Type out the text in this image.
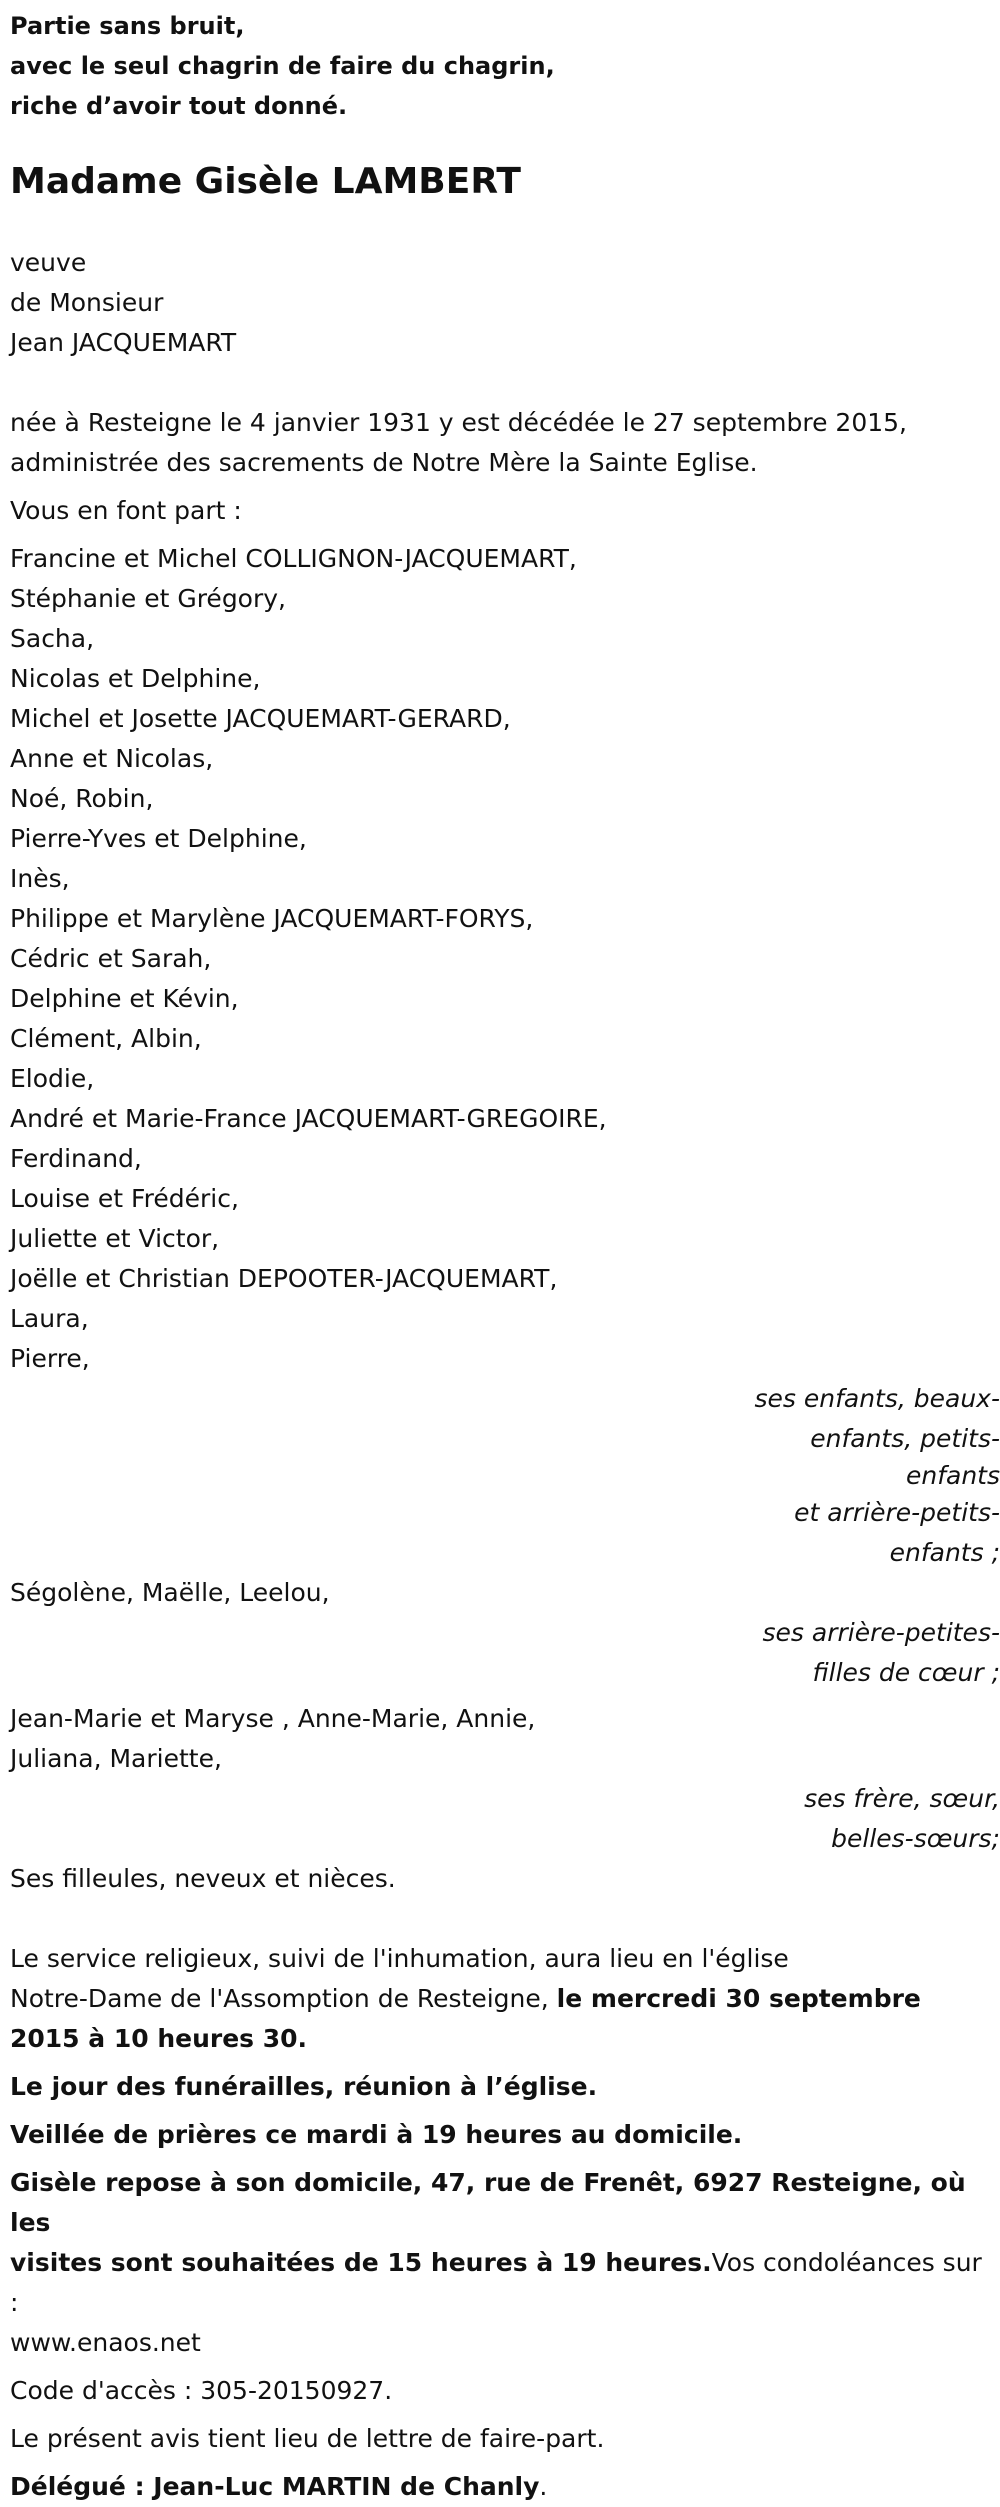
Partie sans bruit,

avec le seul chagrin de faire du chagrin,

riche d’avoir tout donné.

Madame Gisèle LAMBERT

veuve

de Monsieur

Jean JACQUEMART

née à Resteigne le 4 janvier 1931 y est décédée le 27 septembre 2015,

administrée des sacrements de Notre Mère la Sainte Eglise.

Vous en font part :

Francine et Michel COLLIGNON-JACQUEMART,

Stéphanie et Grégory,

Sacha,

Nicolas et Delphine,

Michel et Josette JACQUEMART-GERARD,

Anne et Nicolas,

Noé, Robin,

Pierre-Yves et Delphine,

Inès,

Philippe et Marylène JACQUEMART-FORYS,

Cédric et Sarah,

Delphine et Kévin,

Clément, Albin,

Elodie,

André et Marie-France JACQUEMART-GREGOIRE,

Ferdinand,

Louise et Frédéric,

Juliette et Victor,

Joëlle et Christian DEPOOTER-JACQUEMART,

Laura,

Pierre,

ses enfants, beaux-
enfants, petits-
enfants
et arrière-petits-
enfants ;

Ségolène, Maëlle, Leelou,

ses arrière-petites-
filles de cœur ;

Jean-Marie et Maryse , Anne-Marie, Annie,

Juliana, Mariette,

ses frère, sœur,
belles-sœurs;

Ses filleules, neveux et nièces.

Le service religieux, suivi de l'inhumation, aura lieu en l'église

Notre-Dame de l'Assomption de Resteigne, le mercredi 30 septembre

2015 à 10 heures 30.

Le jour des funérailles, réunion à l’église.

Veillée de prières ce mardi à 19 heures au domicile.

Gisèle repose à son domicile, 47, rue de Frenêt, 6927 Resteigne, où les

visites sont souhaitées de 15 heures à 19 heures.Vos condoléances sur :

www.enaos.net

Code d'accès : 305-20150927.

Le présent avis tient lieu de lettre de faire-part.

Délégué : Jean-Luc MARTIN de Chanly.
